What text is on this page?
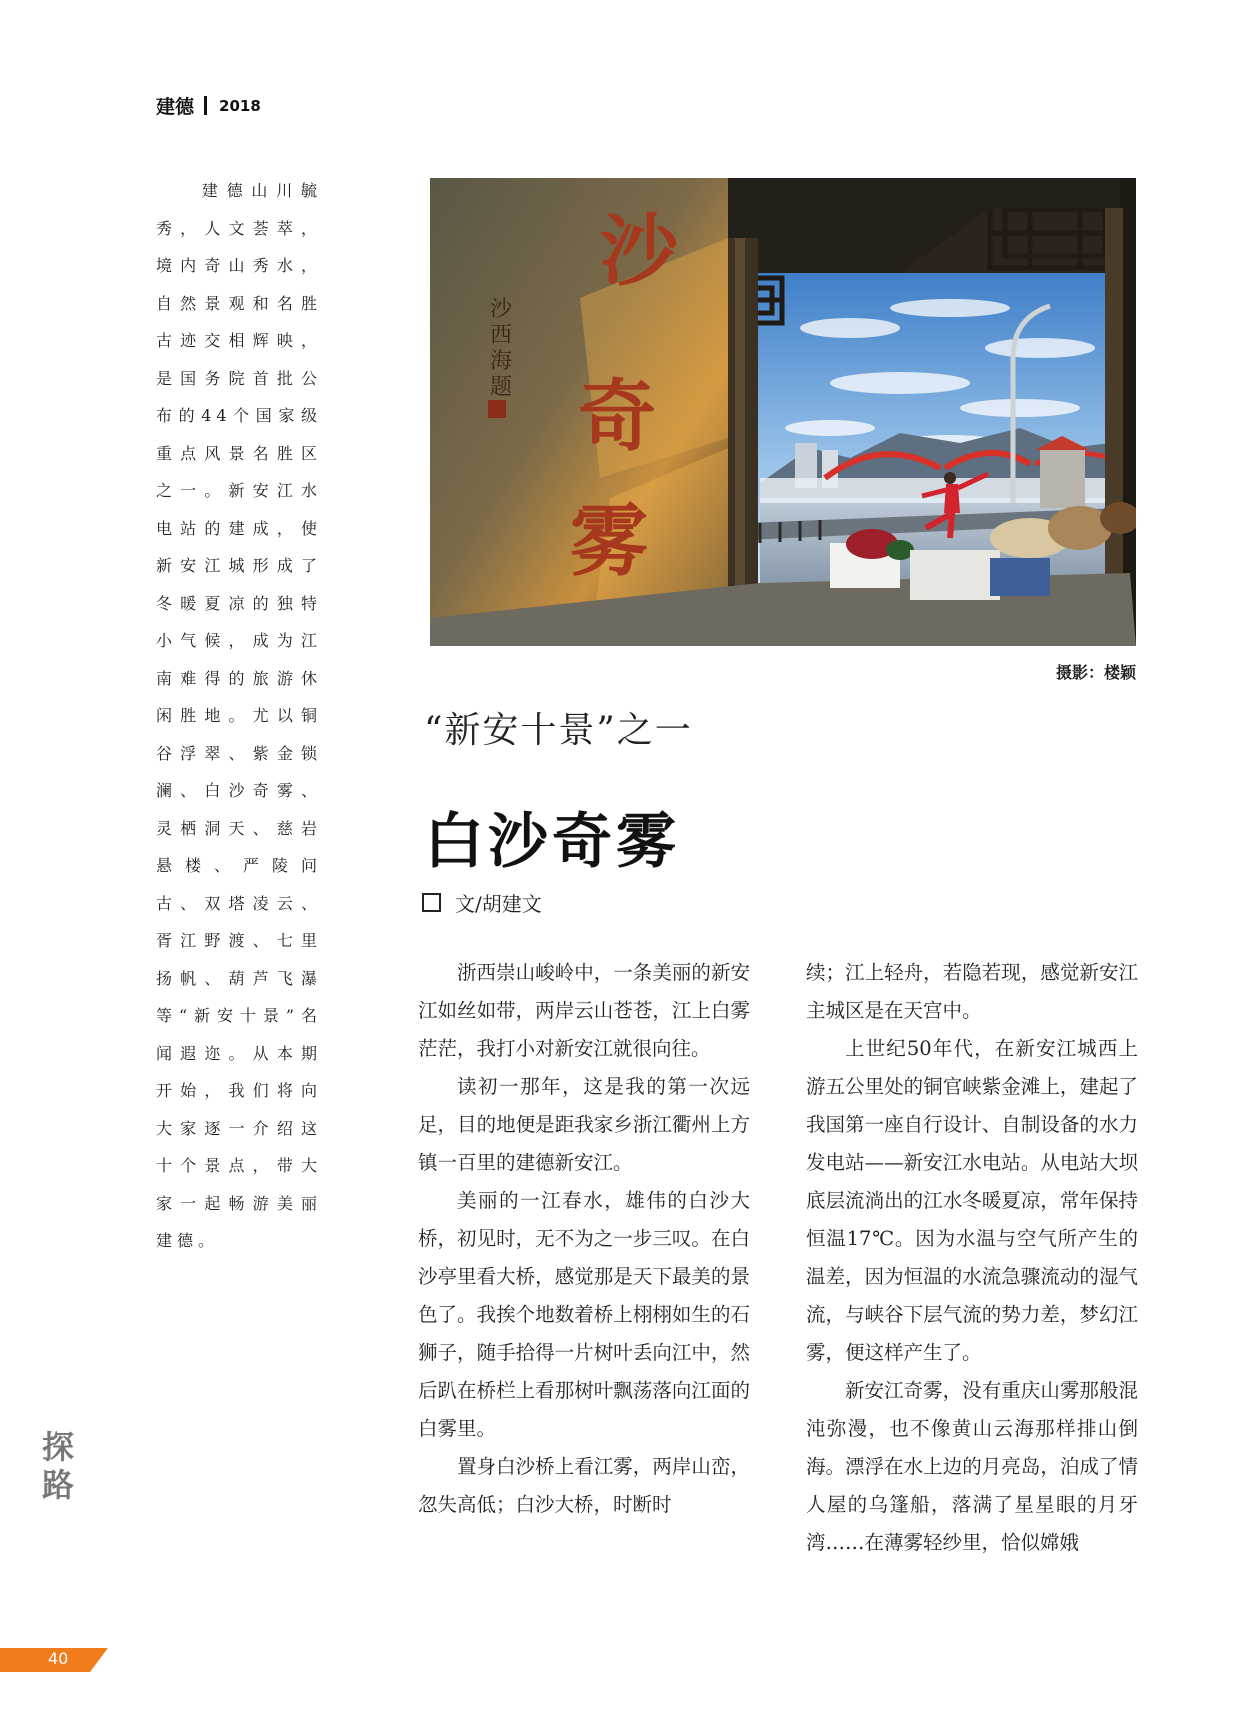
建德 2018
建德山川毓秀，人文荟萃，境内奇山秀水，自然景观和名胜古迹交相辉映，是国务院首批公布的44个国家级重点风景名胜区之一。新安江水电站的建成，使新安江城形成了冬暖夏凉的独特小气候，成为江南难得的旅游休闲胜地。尤以铜谷浮翠、紫金锁澜、白沙奇雾、灵栖洞天、慈岩悬楼、严陵问古、双塔凌云、胥江野渡、七里扬帆、葫芦飞瀑等“新安十景”名闻遐迩。从本期开始，我们将向大家逐一介绍这十个景点，带大家一起畅游美丽建德。
沙
奇
雾
沙
西
海
题
摄影：楼颖
“新安十景”之一
白沙奇雾
文/胡建文

浙西崇山峻岭中，一条美丽的新安江如丝如带，两岸云山苍苍，江上白雾茫茫，我打小对新安江就很向往。

读初一那年，这是我的第一次远足，目的地便是距我家乡浙江衢州上方镇一百里的建德新安江。

美丽的一江春水，雄伟的白沙大桥，初见时，无不为之一步三叹。在白沙亭里看大桥，感觉那是天下最美的景色了。我挨个地数着桥上栩栩如生的石狮子，随手拾得一片树叶丢向江中，然后趴在桥栏上看那树叶飘荡落向江面的白雾里。

置身白沙桥上看江雾，两岸山峦，忽失高低；白沙大桥，时断时

续；江上轻舟，若隐若现，感觉新安江主城区是在天宫中。

上世纪50年代，在新安江城西上游五公里处的铜官峡紫金滩上，建起了我国第一座自行设计、自制设备的水力发电站——新安江水电站。从电站大坝底层流淌出的江水冬暖夏凉，常年保持恒温17℃。因为水温与空气所产生的温差，因为恒温的水流急骤流动的湿气流，与峡谷下层气流的势力差，梦幻江雾，便这样产生了。

新安江奇雾，没有重庆山雾那般混沌弥漫，也不像黄山云海那样排山倒海。漂浮在水上边的月亮岛，泊成了情人屋的乌篷船，落满了星星眼的月牙湾……在薄雾轻纱里，恰似嫦娥

探路
40
